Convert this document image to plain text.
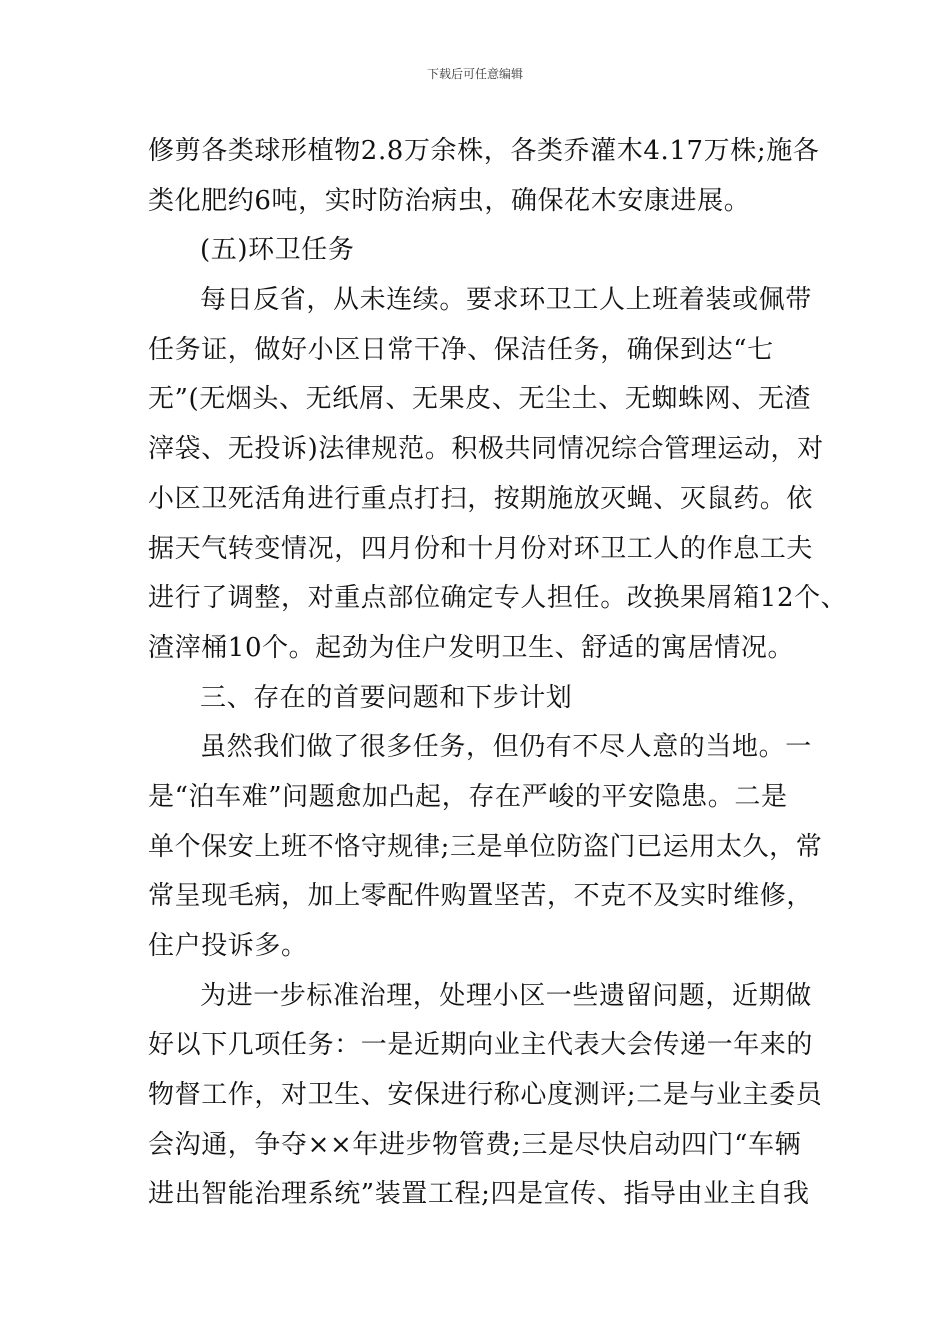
下载后可任意编辑
修剪各类球形植物2.8万余株，各类乔灌木4.17万株;施各
类化肥约6吨，实时防治病虫，确保花木安康进展。
(五)环卫任务
每日反省，从未连续。要求环卫工人上班着装或佩带
任务证，做好小区日常干净、保洁任务，确保到达“七
无”(无烟头、无纸屑、无果皮、无尘土、无蜘蛛网、无渣
滓袋、无投诉)法律规范。积极共同情况综合管理运动，对
小区卫死活角进行重点打扫，按期施放灭蝇、灭鼠药。依
据天气转变情况，四月份和十月份对环卫工人的作息工夫
进行了调整，对重点部位确定专人担任。改换果屑箱12个、
渣滓桶10个。起劲为住户发明卫生、舒适的寓居情况。
三、存在的首要问题和下步计划
虽然我们做了很多任务，但仍有不尽人意的当地。一
是“泊车难”问题愈加凸起，存在严峻的平安隐患。二是
单个保安上班不恪守规律;三是单位防盗门已运用太久，常
常呈现毛病，加上零配件购置坚苦，不克不及实时维修，
住户投诉多。
为进一步标准治理，处理小区一些遗留问题，近期做
好以下几项任务：一是近期向业主代表大会传递一年来的
物督工作，对卫生、安保进行称心度测评;二是与业主委员
会沟通，争夺××年进步物管费;三是尽快启动四门“车辆
进出智能治理系统”装置工程;四是宣传、指导由业主自我
